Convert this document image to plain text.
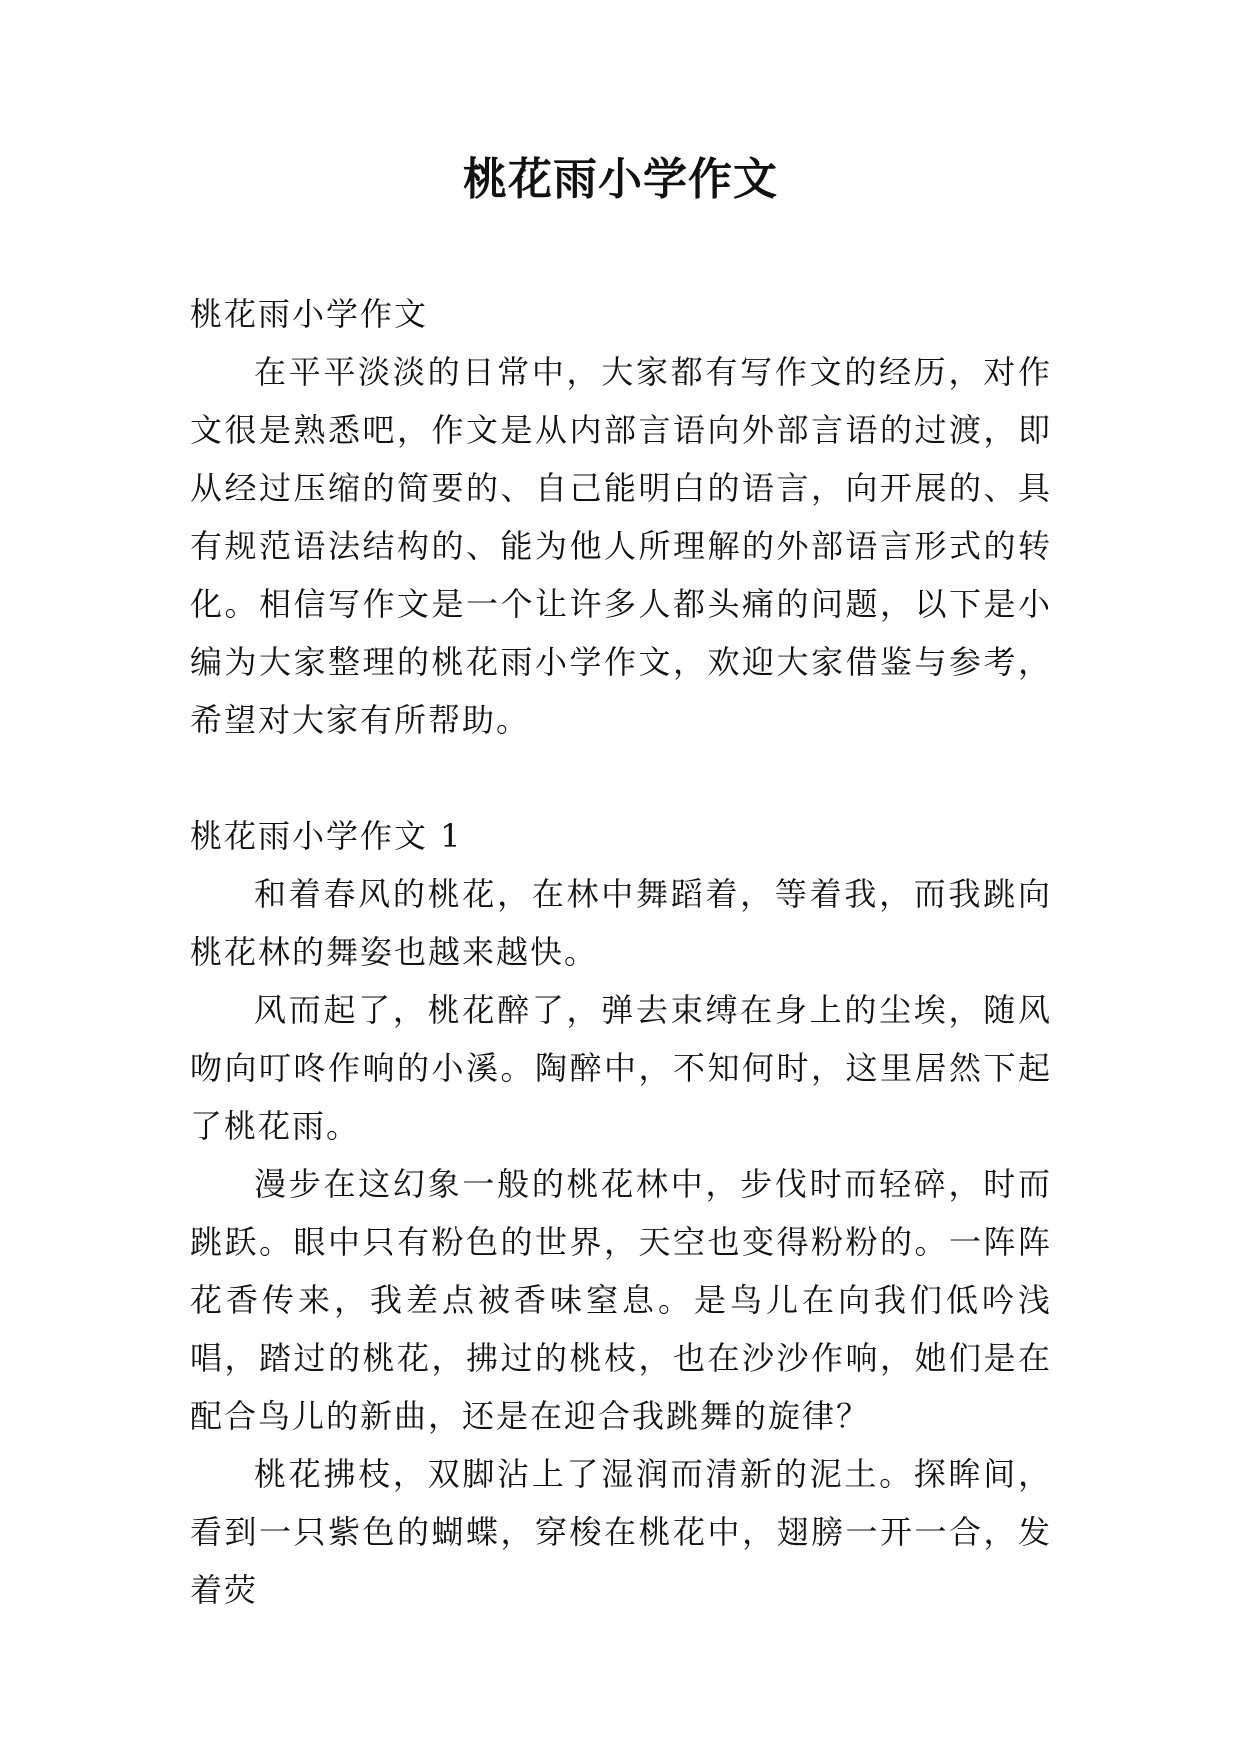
桃花雨小学作文

桃花雨小学作文

在平平淡淡的日常中，大家都有写作文的经历，对作文很是熟悉吧，作文是从内部言语向外部言语的过渡，即从经过压缩的简要的、自己能明白的语言，向开展的、具有规范语法结构的、能为他人所理解的外部语言形式的转化。相信写作文是一个让许多人都头痛的问题，以下是小编为大家整理的桃花雨小学作文，欢迎大家借鉴与参考，希望对大家有所帮助。

桃花雨小学作文 1

和着春风的桃花，在林中舞蹈着，等着我，而我跳向桃花林的舞姿也越来越快。

风而起了，桃花醉了，弹去束缚在身上的尘埃，随风吻向叮咚作响的小溪。陶醉中，不知何时，这里居然下起了桃花雨。

漫步在这幻象一般的桃花林中，步伐时而轻碎，时而跳跃。眼中只有粉色的世界，天空也变得粉粉的。一阵阵花香传来，我差点被香味窒息。是鸟儿在向我们低吟浅唱，踏过的桃花，拂过的桃枝，也在沙沙作响，她们是在配合鸟儿的新曲，还是在迎合我跳舞的旋律？

桃花拂枝，双脚沾上了湿润而清新的泥土。探眸间，看到一只紫色的蝴蝶，穿梭在桃花中，翅膀一开一合，发着荧
